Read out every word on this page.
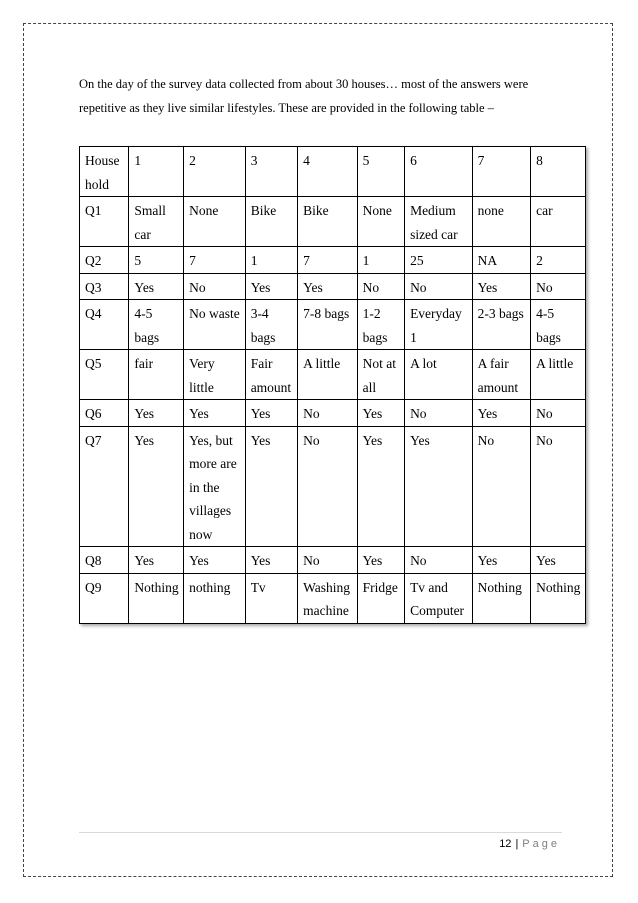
On the day of the survey data collected from about 30 houses… most of the answers were

repetitive as they live similar lifestyles. These are provided in the following table –

House hold	1	2	3	4	5	6	7	8
Q1	Small car	None	Bike	Bike	None	Medium sized car	none	car
Q2	5	7	1	7	1	25	NA	2
Q3	Yes	No	Yes	Yes	No	No	Yes	No
Q4	4-5 bags	No waste	3-4 bags	7-8 bags	1-2 bags	Everyday 1	2-3 bags	4-5 bags
Q5	fair	Very little	Fair amount	A little	Not at all	A lot	A fair amount	A little
Q6	Yes	Yes	Yes	No	Yes	No	Yes	No
Q7	Yes	Yes, but more are in the villages now	Yes	No	Yes	Yes	No	No
Q8	Yes	Yes	Yes	No	Yes	No	Yes	Yes
Q9	Nothing	nothing	Tv	Washing machine	Fridge	Tv and Computer	Nothing	Nothing
12 | Page
